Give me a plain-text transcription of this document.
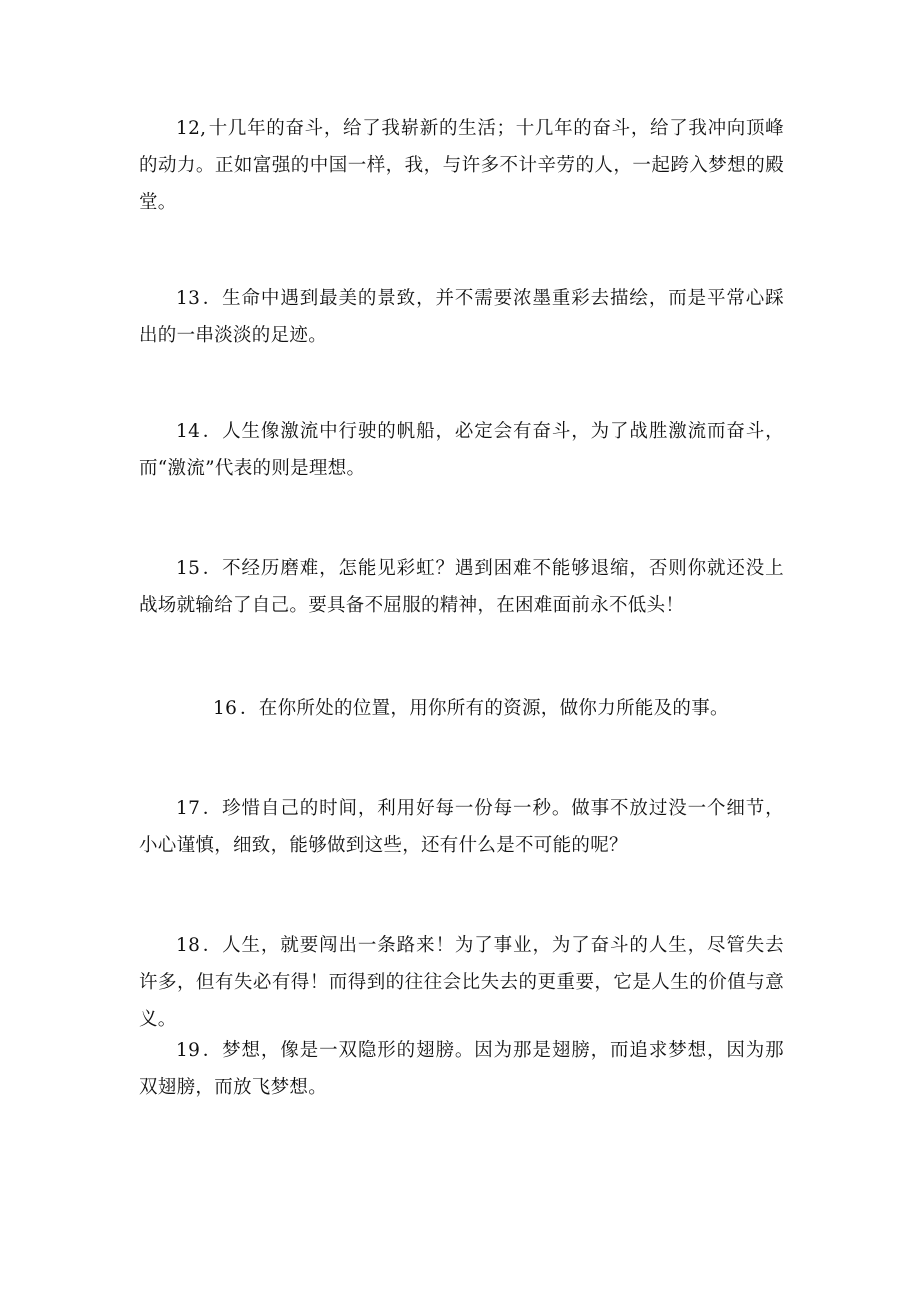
12, 十几年的奋斗，给了我崭新的生活；十几年的奋斗，给了我冲向顶峰的动力。正如富强的中国一样，我，与许多不计辛劳的人，一起跨入梦想的殿堂。

13 ．生命中遇到最美的景致，并不需要浓墨重彩去描绘，而是平常心踩出的一串淡淡的足迹。

14 ．人生像激流中行驶的帆船，必定会有奋斗，为了战胜激流而奋斗，而“激流”代表的则是理想。

15 ．不经历磨难，怎能见彩虹？遇到困难不能够退缩，否则你就还没上战场就输给了自己。要具备不屈服的精神，在困难面前永不低头！

16 ．在你所处的位置，用你所有的资源，做你力所能及的事。

17 ．珍惜自己的时间，利用好每一份每一秒。做事不放过没一个细节，小心谨慎，细致，能够做到这些，还有什么是不可能的呢？

18 ．人生，就要闯出一条路来！为了事业，为了奋斗的人生，尽管失去许多，但有失必有得！而得到的往往会比失去的更重要，它是人生的价值与意义。

19 ．梦想，像是一双隐形的翅膀。因为那是翅膀，而追求梦想，因为那双翅膀，而放飞梦想。
